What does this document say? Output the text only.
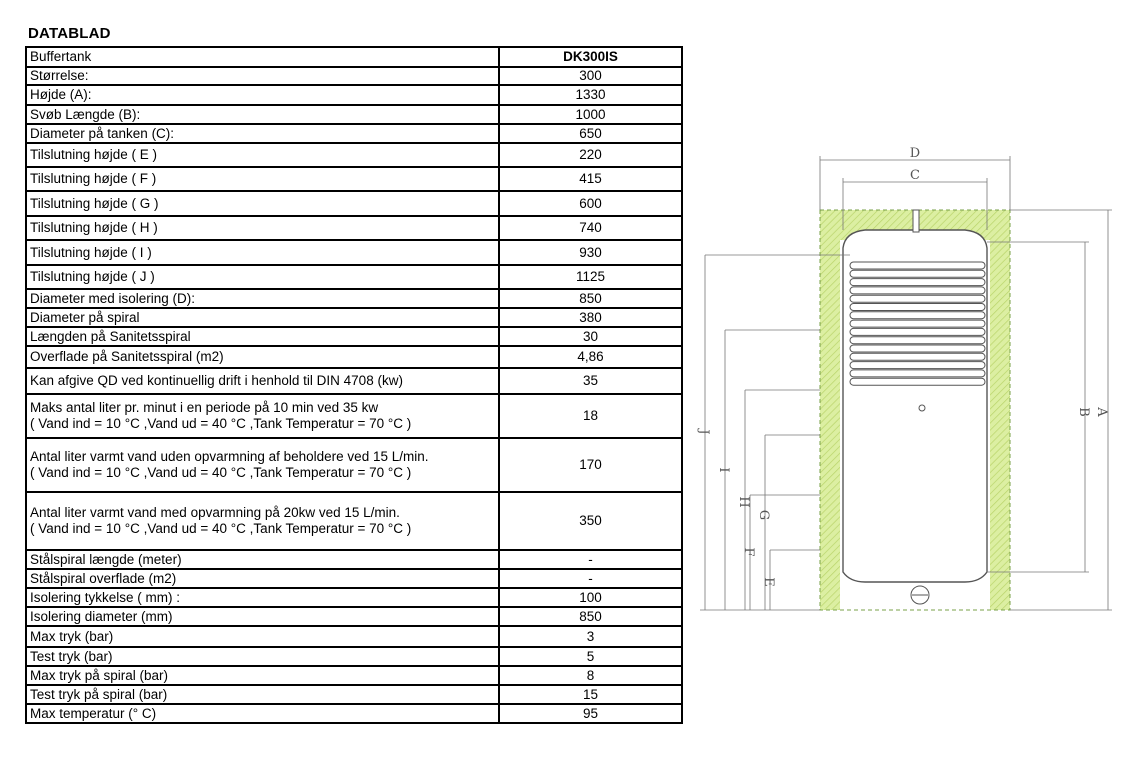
DATABLAD
Buffertank	DK300IS
Størrelse:	300
Højde (A):	1330
Svøb Længde (B):	1000
Diameter på tanken (C):	650
Tilslutning højde ( E )	220
Tilslutning højde ( F )	415
Tilslutning højde ( G )	600
Tilslutning højde ( H )	740
Tilslutning højde ( I )	930
Tilslutning højde ( J )	1125
Diameter med isolering (D):	850
Diameter på spiral	380
Længden på Sanitetsspiral	30
Overflade på Sanitetsspiral (m2)	4,86
Kan afgive QD ved kontinuellig drift i henhold til DIN 4708 (kw)	35
Maks antal liter pr. minut i en periode på 10 min ved 35 kw
( Vand ind = 10 °C ,Vand ud = 40 °C ,Tank Temperatur = 70 °C )	18
Antal liter varmt vand uden opvarmning af beholdere ved 15 L/min.
( Vand ind = 10 °C ,Vand ud = 40 °C ,Tank Temperatur = 70 °C )	170
Antal liter varmt vand med opvarmning på 20kw ved 15 L/min.
( Vand ind = 10 °C ,Vand ud = 40 °C ,Tank Temperatur = 70 °C )	350
Stålspiral længde (meter)	-
Stålspiral overflade (m2)	-
Isolering tykkelse ( mm) :	100
Isolering diameter (mm)	850
Max tryk (bar)	3
Test tryk (bar)	5
Max tryk på spiral (bar)	8
Test tryk på spiral (bar)	15
Max temperatur (° C)	95
D
C
A
B
J
I
H
G
F
E
